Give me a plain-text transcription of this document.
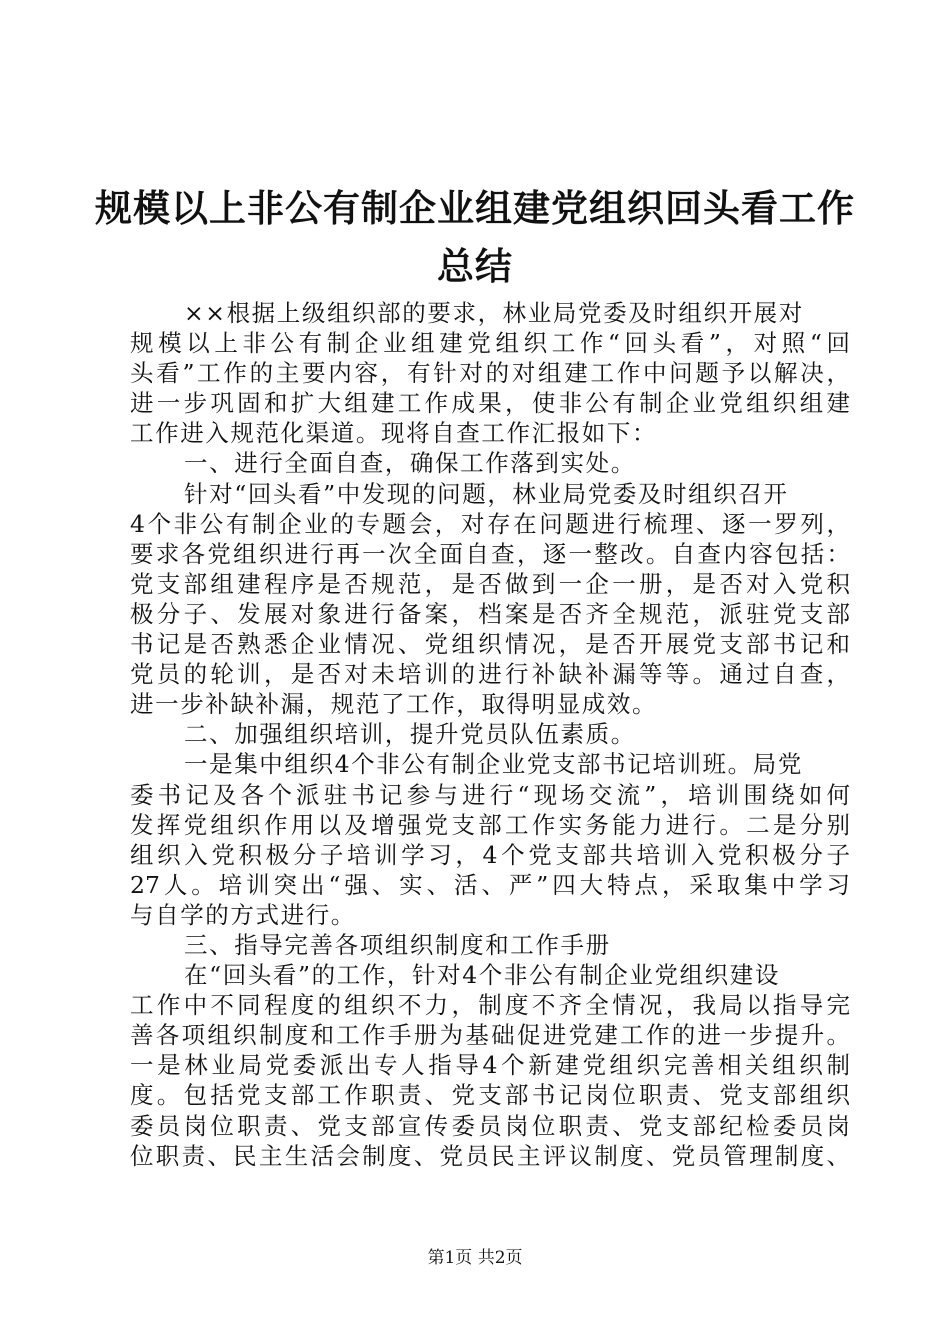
规模以上非公有制企业组建党组织回头看工作
总结
××根据上级组织部的要求，林业局党委及时组织开展对
规模以上非公有制企业组建党组织工作“回头看”，对照“回
头看”工作的主要内容，有针对的对组建工作中问题予以解决，
进一步巩固和扩大组建工作成果，使非公有制企业党组织组建
工作进入规范化渠道。现将自查工作汇报如下：
一、进行全面自查，确保工作落到实处。
针对“回头看”中发现的问题，林业局党委及时组织召开
4个非公有制企业的专题会，对存在问题进行梳理、逐一罗列，
要求各党组织进行再一次全面自查，逐一整改。自查内容包括：
党支部组建程序是否规范，是否做到一企一册，是否对入党积
极分子、发展对象进行备案，档案是否齐全规范，派驻党支部
书记是否熟悉企业情况、党组织情况，是否开展党支部书记和
党员的轮训，是否对未培训的进行补缺补漏等等。通过自查，
进一步补缺补漏，规范了工作，取得明显成效。
二、加强组织培训，提升党员队伍素质。
一是集中组织4个非公有制企业党支部书记培训班。局党
委书记及各个派驻书记参与进行“现场交流”，培训围绕如何
发挥党组织作用以及增强党支部工作实务能力进行。二是分别
组织入党积极分子培训学习，4个党支部共培训入党积极分子
27人。培训突出“强、实、活、严”四大特点，采取集中学习
与自学的方式进行。
三、指导完善各项组织制度和工作手册
在“回头看”的工作，针对4个非公有制企业党组织建设
工作中不同程度的组织不力，制度不齐全情况，我局以指导完
善各项组织制度和工作手册为基础促进党建工作的进一步提升。
一是林业局党委派出专人指导4个新建党组织完善相关组织制
度。包括党支部工作职责、党支部书记岗位职责、党支部组织
委员岗位职责、党支部宣传委员岗位职责、党支部纪检委员岗
位职责、民主生活会制度、党员民主评议制度、党员管理制度、
第1页 共2页
